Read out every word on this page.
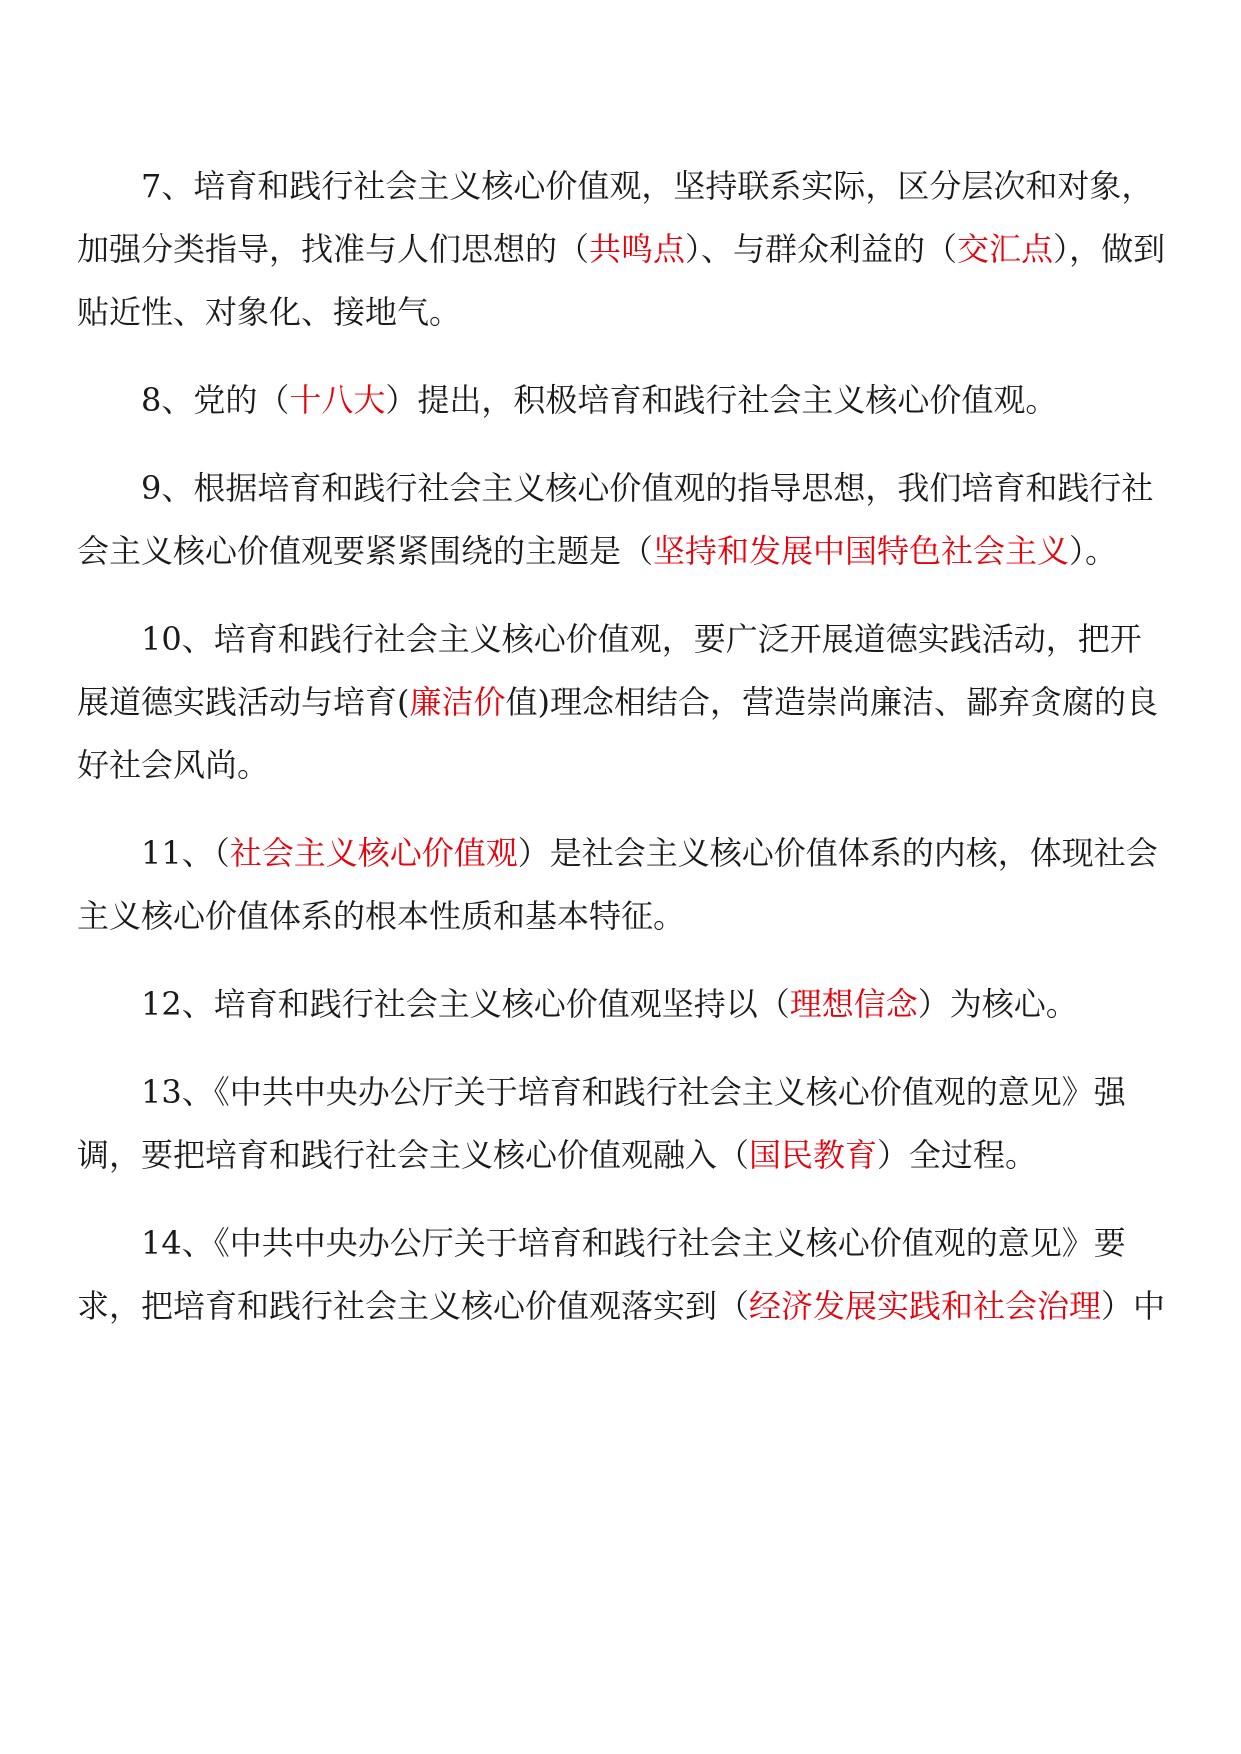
7、培育和践行社会主义核心价值观，坚持联系实际，区分层次和对象，加强分类指导，找准与人们思想的（共鸣点）、与群众利益的（交汇点），做到贴近性、对象化、接地气。

8、党的（十八大）提出，积极培育和践行社会主义核心价值观。

9、根据培育和践行社会主义核心价值观的指导思想，我们培育和践行社会主义核心价值观要紧紧围绕的主题是（坚持和发展中国特色社会主义）。

10、培育和践行社会主义核心价值观，要广泛开展道德实践活动，把开展道德实践活动与培育(廉洁价值)理念相结合，营造崇尚廉洁、鄙弃贪腐的良好社会风尚。

11、（社会主义核心价值观）是社会主义核心价值体系的内核，体现社会主义核心价值体系的根本性质和基本特征。

12、培育和践行社会主义核心价值观坚持以（理想信念）为核心。

13、《中共中央办公厅关于培育和践行社会主义核心价值观的意见》强调，要把培育和践行社会主义核心价值观融入（国民教育）全过程。

14、《中共中央办公厅关于培育和践行社会主义核心价值观的意见》要求，把培育和践行社会主义核心价值观落实到（经济发展实践和社会治理）中
